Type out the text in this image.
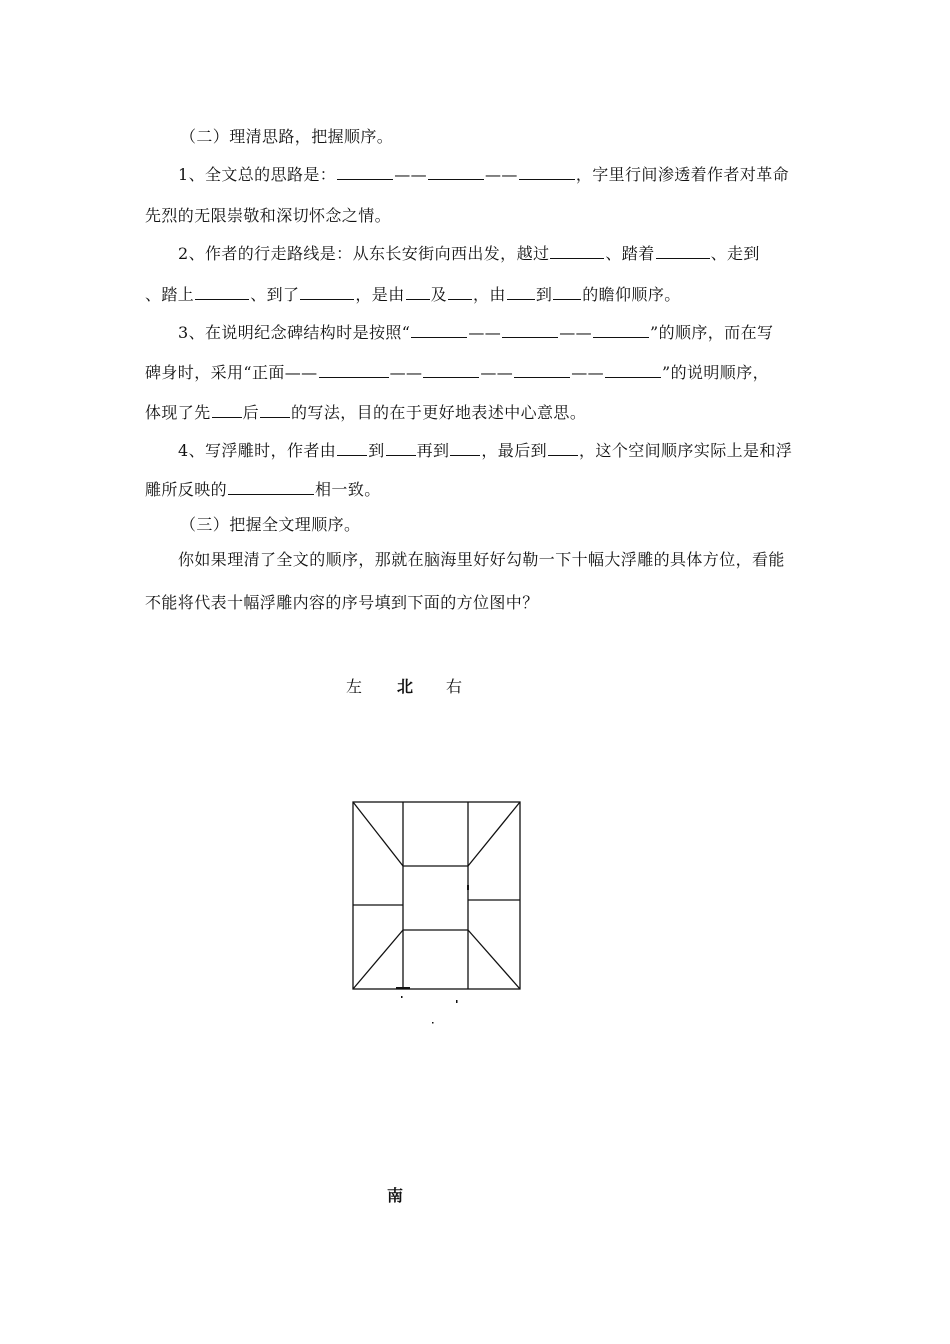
（二）理清思路，把握顺序。
1、全文总的思路是：	——	——	，字里行间渗透着作者对革命
先烈的无限崇敬和深切怀念之情。
2、作者的行走路线是：从东长安街向西出发，越过	、踏着	、走到
、踏上	、到了	，是由 及 ，由 到 的瞻仰顺序。
3、在说明纪念碑结构时是按照“	——	——	”的顺序，而在写
碑身时，采用“正面——	——	——	——	”的说明顺序，
体现了先 后 的写法，目的在于更好地表述中心意思。
4、写浮雕时，作者由 到 再到 ，最后到 ，这个空间顺序实际上是和浮
雕所反映的	相一致。
（三）把握全文理顺序。
你如果理清了全文的顺序，那就在脑海里好好勾勒一下十幅大浮雕的具体方位，看能
不能将代表十幅浮雕内容的序号填到下面的方位图中？
左 北 右
南
